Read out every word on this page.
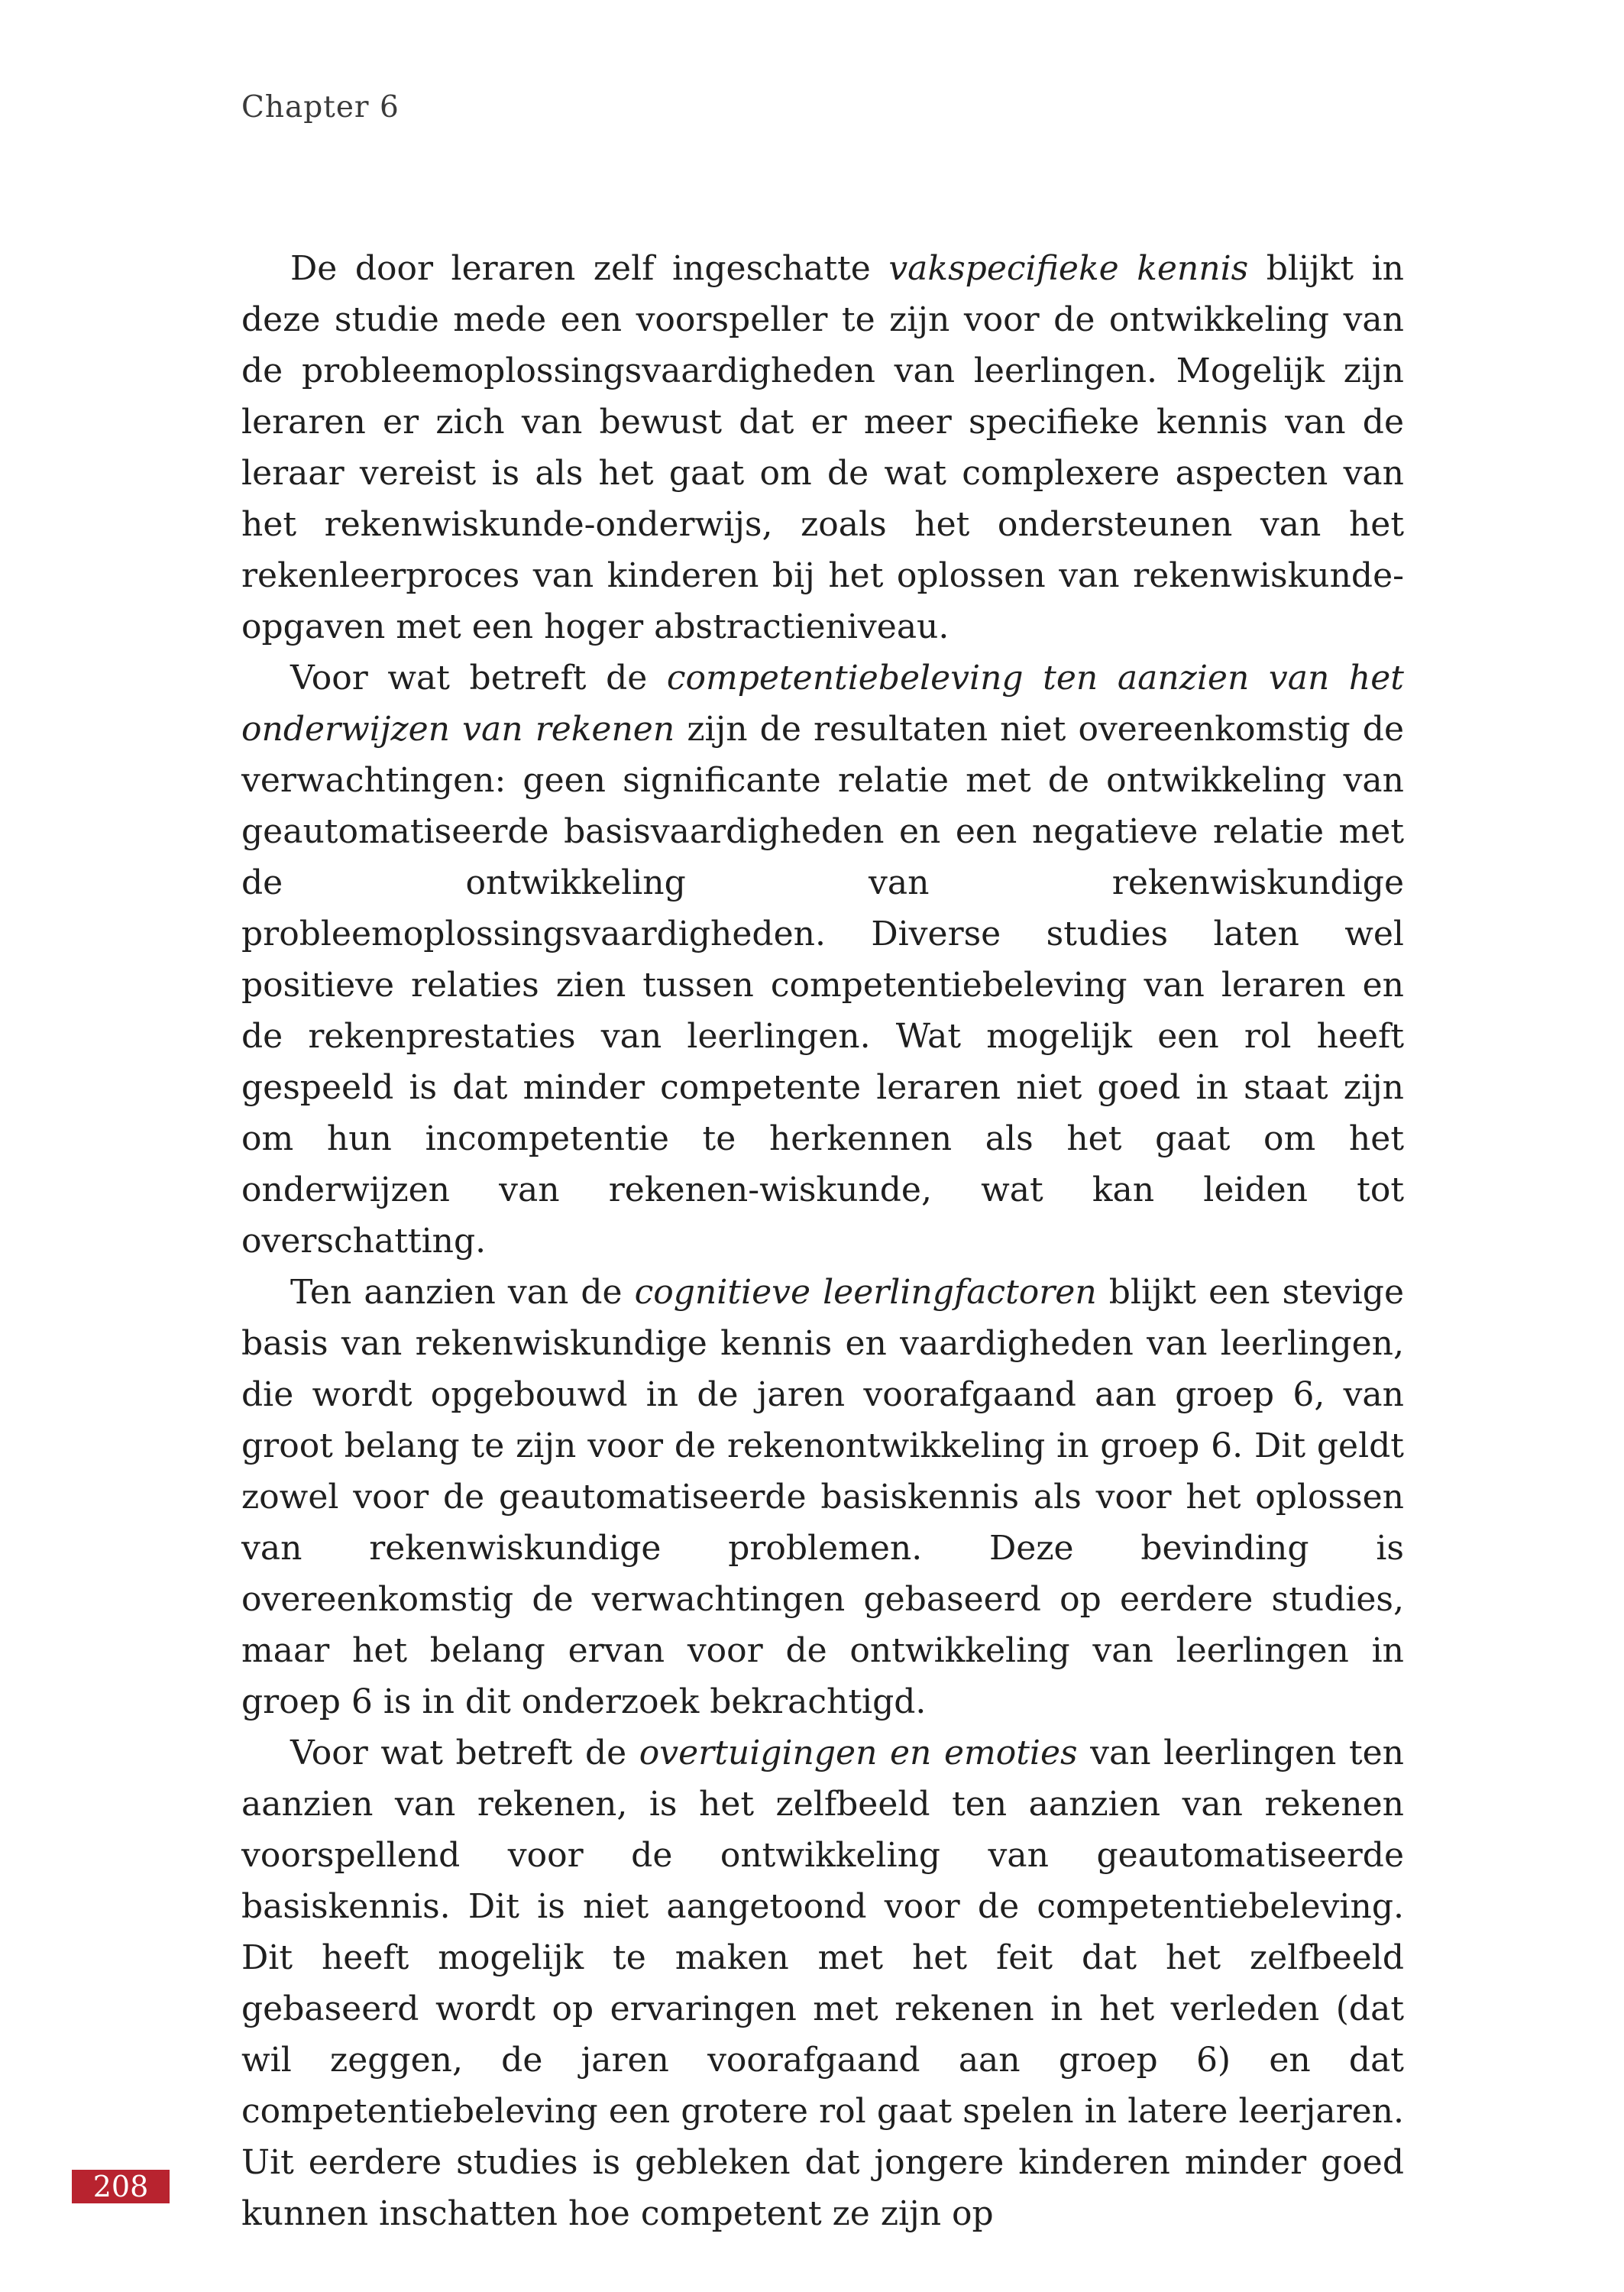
Chapter 6

De door leraren zelf ingeschatte vakspecifieke kennis blijkt in deze studie mede een voorspeller te zijn voor de ontwikkeling van de probleemoplossingsvaardigheden van leerlingen. Mogelijk zijn leraren er zich van bewust dat er meer specifieke kennis van de leraar vereist is als het gaat om de wat complexere aspecten van het rekenwiskunde-onderwijs, zoals het ondersteunen van het rekenleerproces van kinderen bij het oplossen van rekenwiskunde-opgaven met een hoger abstractieniveau.

Voor wat betreft de competentiebeleving ten aanzien van het onderwijzen van rekenen zijn de resultaten niet overeenkomstig de verwachtingen: geen significante relatie met de ontwikkeling van geautomatiseerde basisvaardigheden en een negatieve relatie met de ontwikkeling van rekenwiskundige probleemoplossingsvaardigheden. Diverse studies laten wel positieve relaties zien tussen competentiebeleving van leraren en de rekenprestaties van leerlingen. Wat mogelijk een rol heeft gespeeld is dat minder competente leraren niet goed in staat zijn om hun incompetentie te herkennen als het gaat om het onderwijzen van rekenen-wiskunde, wat kan leiden tot overschatting.

Ten aanzien van de cognitieve leerlingfactoren blijkt een stevige basis van rekenwiskundige kennis en vaardigheden van leerlingen, die wordt opgebouwd in de jaren voorafgaand aan groep 6, van groot belang te zijn voor de rekenontwikkeling in groep 6. Dit geldt zowel voor de geautomatiseerde basiskennis als voor het oplossen van rekenwiskundige problemen. Deze bevinding is overeenkomstig de verwachtingen gebaseerd op eerdere studies, maar het belang ervan voor de ontwikkeling van leerlingen in groep 6 is in dit onderzoek bekrachtigd.

Voor wat betreft de overtuigingen en emoties van leerlingen ten aanzien van rekenen, is het zelfbeeld ten aanzien van rekenen voorspellend voor de ontwikkeling van geautomatiseerde basiskennis. Dit is niet aangetoond voor de competentiebeleving. Dit heeft mogelijk te maken met het feit dat het zelfbeeld gebaseerd wordt op ervaringen met rekenen in het verleden (dat wil zeggen, de jaren voorafgaand aan groep 6) en dat competentiebeleving een grotere rol gaat spelen in latere leerjaren. Uit eerdere studies is gebleken dat jongere kinderen minder goed kunnen inschatten hoe competent ze zijn op

208
